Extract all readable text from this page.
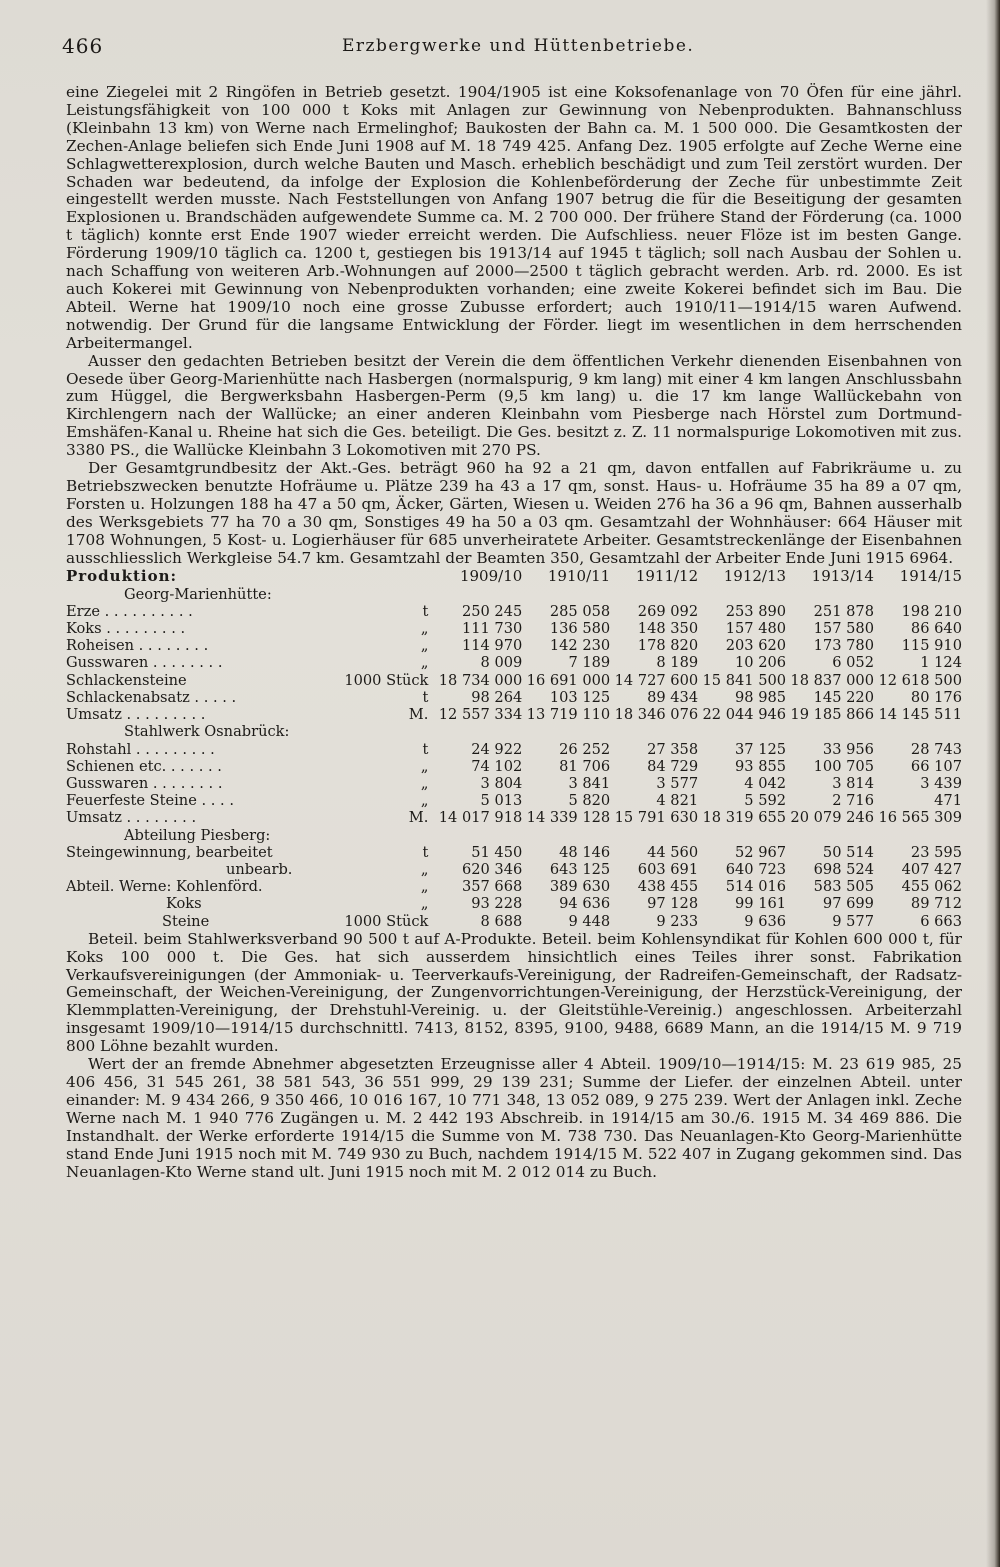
466	Erzbergwerke und Hüttenbetriebe.

eine Ziegelei mit 2 Ringöfen in Betrieb gesetzt. 1904/1905 ist eine Koksofenanlage von 70 Öfen für eine jährl. Leistungsfähigkeit von 100 000 t Koks mit Anlagen zur Gewinnung von Nebenprodukten. Bahnanschluss (Kleinbahn 13 km) von Werne nach Ermelinghof; Baukosten der Bahn ca. M. 1 500 000. Die Gesamtkosten der Zechen-Anlage beliefen sich Ende Juni 1908 auf M. 18 749 425. Anfang Dez. 1905 erfolgte auf Zeche Werne eine Schlagwetterexplosion, durch welche Bauten und Masch. erheblich beschädigt und zum Teil zerstört wurden. Der Schaden war bedeutend, da infolge der Explosion die Kohlenbeförderung der Zeche für unbestimmte Zeit eingestellt werden musste. Nach Feststellungen von Anfang 1907 betrug die für die Beseitigung der gesamten Explosionen u. Brandschäden aufgewendete Summe ca. M. 2 700 000. Der frühere Stand der Förderung (ca. 1000 t täglich) konnte erst Ende 1907 wieder erreicht werden. Die Aufschliess. neuer Flöze ist im besten Gange. Förderung 1909/10 täglich ca. 1200 t, gestiegen bis 1913/14 auf 1945 t täglich; soll nach Ausbau der Sohlen u. nach Schaffung von weiteren Arb.-Wohnungen auf 2000—2500 t täglich gebracht werden. Arb. rd. 2000. Es ist auch Kokerei mit Gewinnung von Nebenprodukten vorhanden; eine zweite Kokerei befindet sich im Bau. Die Abteil. Werne hat 1909/10 noch eine grosse Zubusse erfordert; auch 1910/11—1914/15 waren Aufwend. notwendig. Der Grund für die langsame Entwicklung der Förder. liegt im wesentlichen in dem herrschenden Arbeitermangel.

Ausser den gedachten Betrieben besitzt der Verein die dem öffentlichen Verkehr dienenden Eisenbahnen von Oesede über Georg-Marienhütte nach Hasbergen (normalspurig, 9 km lang) mit einer 4 km langen Anschlussbahn zum Hüggel, die Bergwerksbahn Hasbergen-Perm (9,5 km lang) u. die 17 km lange Wallückebahn von Kirchlengern nach der Wallücke; an einer anderen Kleinbahn vom Piesberge nach Hörstel zum Dortmund-Emshäfen-Kanal u. Rheine hat sich die Ges. beteiligt. Die Ges. besitzt z. Z. 11 normalspurige Lokomotiven mit zus. 3380 PS., die Wallücke Kleinbahn 3 Lokomotiven mit 270 PS.

Der Gesamtgrundbesitz der Akt.-Ges. beträgt 960 ha 92 a 21 qm, davon entfallen auf Fabrikräume u. zu Betriebszwecken benutzte Hofräume u. Plätze 239 ha 43 a 17 qm, sonst. Haus- u. Hofräume 35 ha 89 a 07 qm, Forsten u. Holzungen 188 ha 47 a 50 qm, Äcker, Gärten, Wiesen u. Weiden 276 ha 36 a 96 qm, Bahnen ausserhalb des Werksgebiets 77 ha 70 a 30 qm, Sonstiges 49 ha 50 a 03 qm. Gesamtzahl der Wohnhäuser: 664 Häuser mit 1708 Wohnungen, 5 Kost- u. Logierhäuser für 685 unverheiratete Arbeiter. Gesamtstreckenlänge der Eisenbahnen ausschliesslich Werkgleise 54.7 km. Gesamtzahl der Beamten 350, Gesamtzahl der Arbeiter Ende Juni 1915 6964.

Produktion:		1909/10	1910/11	1911/12	1912/13	1913/14	1914/15
Georg-Marienhütte:							
Erze . . . . . . . . . .	t	250 245	285 058	269 092	253 890	251 878	198 210
Koks . . . . . . . . .	„	111 730	136 580	148 350	157 480	157 580	86 640
Roheisen . . . . . . . .	„	114 970	142 230	178 820	203 620	173 780	115 910
Gusswaren . . . . . . . .	„	8 009	7 189	8 189	10 206	6 052	1 124
Schlackensteine	1000 Stück	18 734 000	16 691 000	14 727 600	15 841 500	18 837 000	12 618 500
Schlackenabsatz . . . . .	t	98 264	103 125	89 434	98 985	145 220	80 176
Umsatz . . . . . . . . .	M.	12 557 334	13 719 110	18 346 076	22 044 946	19 185 866	14 145 511
Stahlwerk Osnabrück:							
Rohstahl . . . . . . . . .	t	24 922	26 252	27 358	37 125	33 956	28 743
Schienen etc. . . . . . .	„	74 102	81 706	84 729	93 855	100 705	66 107
Gusswaren . . . . . . . .	„	3 804	3 841	3 577	4 042	3 814	3 439
Feuerfeste Steine . . . .	„	5 013	5 820	4 821	5 592	2 716	471
Umsatz . . . . . . . .	M.	14 017 918	14 339 128	15 791 630	18 319 655	20 079 246	16 565 309
Abteilung Piesberg:							
Steingewinnung, bearbeitet	t	51 450	48 146	44 560	52 967	50 514	23 595
unbearb.	„	620 346	643 125	603 691	640 723	698 524	407 427
Abteil. Werne: Kohlenförd.	„	357 668	389 630	438 455	514 016	583 505	455 062
Koks	„	93 228	94 636	97 128	99 161	97 699	89 712
Steine	1000 Stück	8 688	9 448	9 233	9 636	9 577	6 663

Beteil. beim Stahlwerksverband 90 500 t auf A-Produkte. Beteil. beim Kohlensyndikat für Kohlen 600 000 t, für Koks 100 000 t. Die Ges. hat sich ausserdem hinsichtlich eines Teiles ihrer sonst. Fabrikation Verkaufsvereinigungen (der Ammoniak- u. Teerverkaufs-Vereinigung, der Radreifen-Gemeinschaft, der Radsatz-Gemeinschaft, der Weichen-Vereinigung, der Zungenvorrichtungen-Vereinigung, der Herzstück-Vereinigung, der Klemmplatten-Vereinigung, der Drehstuhl-Vereinig. u. der Gleitstühle-Vereinig.) angeschlossen. Arbeiterzahl insgesamt 1909/10—1914/15 durchschnittl. 7413, 8152, 8395, 9100, 9488, 6689 Mann, an die 1914/15 M. 9 719 800 Löhne bezahlt wurden.

Wert der an fremde Abnehmer abgesetzten Erzeugnisse aller 4 Abteil. 1909/10—1914/15: M. 23 619 985, 25 406 456, 31 545 261, 38 581 543, 36 551 999, 29 139 231; Summe der Liefer. der einzelnen Abteil. unter einander: M. 9 434 266, 9 350 466, 10 016 167, 10 771 348, 13 052 089, 9 275 239. Wert der Anlagen inkl. Zeche Werne nach M. 1 940 776 Zugängen u. M. 2 442 193 Abschreib. in 1914/15 am 30./6. 1915 M. 34 469 886. Die Instandhalt. der Werke erforderte 1914/15 die Summe von M. 738 730. Das Neuanlagen-Kto Georg-Marienhütte stand Ende Juni 1915 noch mit M. 749 930 zu Buch, nachdem 1914/15 M. 522 407 in Zugang gekommen sind. Das Neuanlagen-Kto Werne stand ult. Juni 1915 noch mit M. 2 012 014 zu Buch.
